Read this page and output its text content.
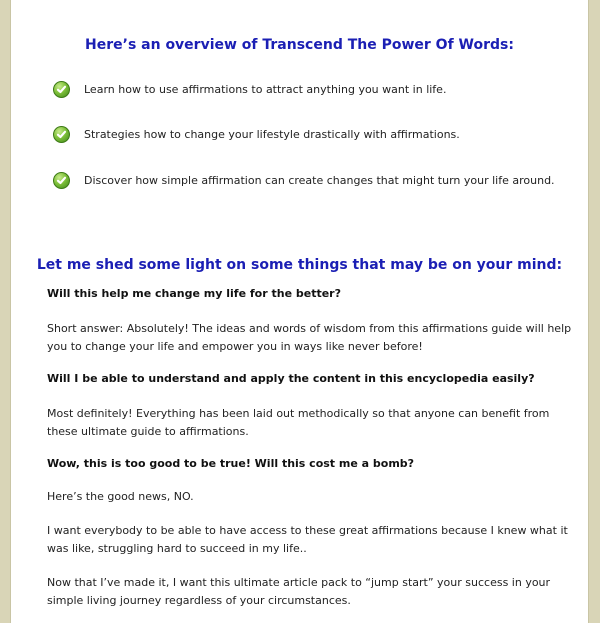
Here’s an overview of Transcend The Power Of Words:
Learn how to use affirmations to attract anything you want in life.
Strategies how to change your lifestyle drastically with affirmations.
Discover how simple affirmation can create changes that might turn your life around.
Let me shed some light on some things that may be on your mind:

Will this help me change my life for the better?

Short answer: Absolutely! The ideas and words of wisdom from this affirmations guide will help you to change your life and empower you in ways like never before!

Will I be able to understand and apply the content in this encyclopedia easily?

Most definitely! Everything has been laid out methodically so that anyone can benefit from these ultimate guide to affirmations.

Wow, this is too good to be true! Will this cost me a bomb?

Here’s the good news, NO.

I want everybody to be able to have access to these great affirmations because I knew what it was like, struggling hard to succeed in my life..

Now that I’ve made it, I want this ultimate article pack to “jump start” your success in your simple living journey regardless of your circumstances.
